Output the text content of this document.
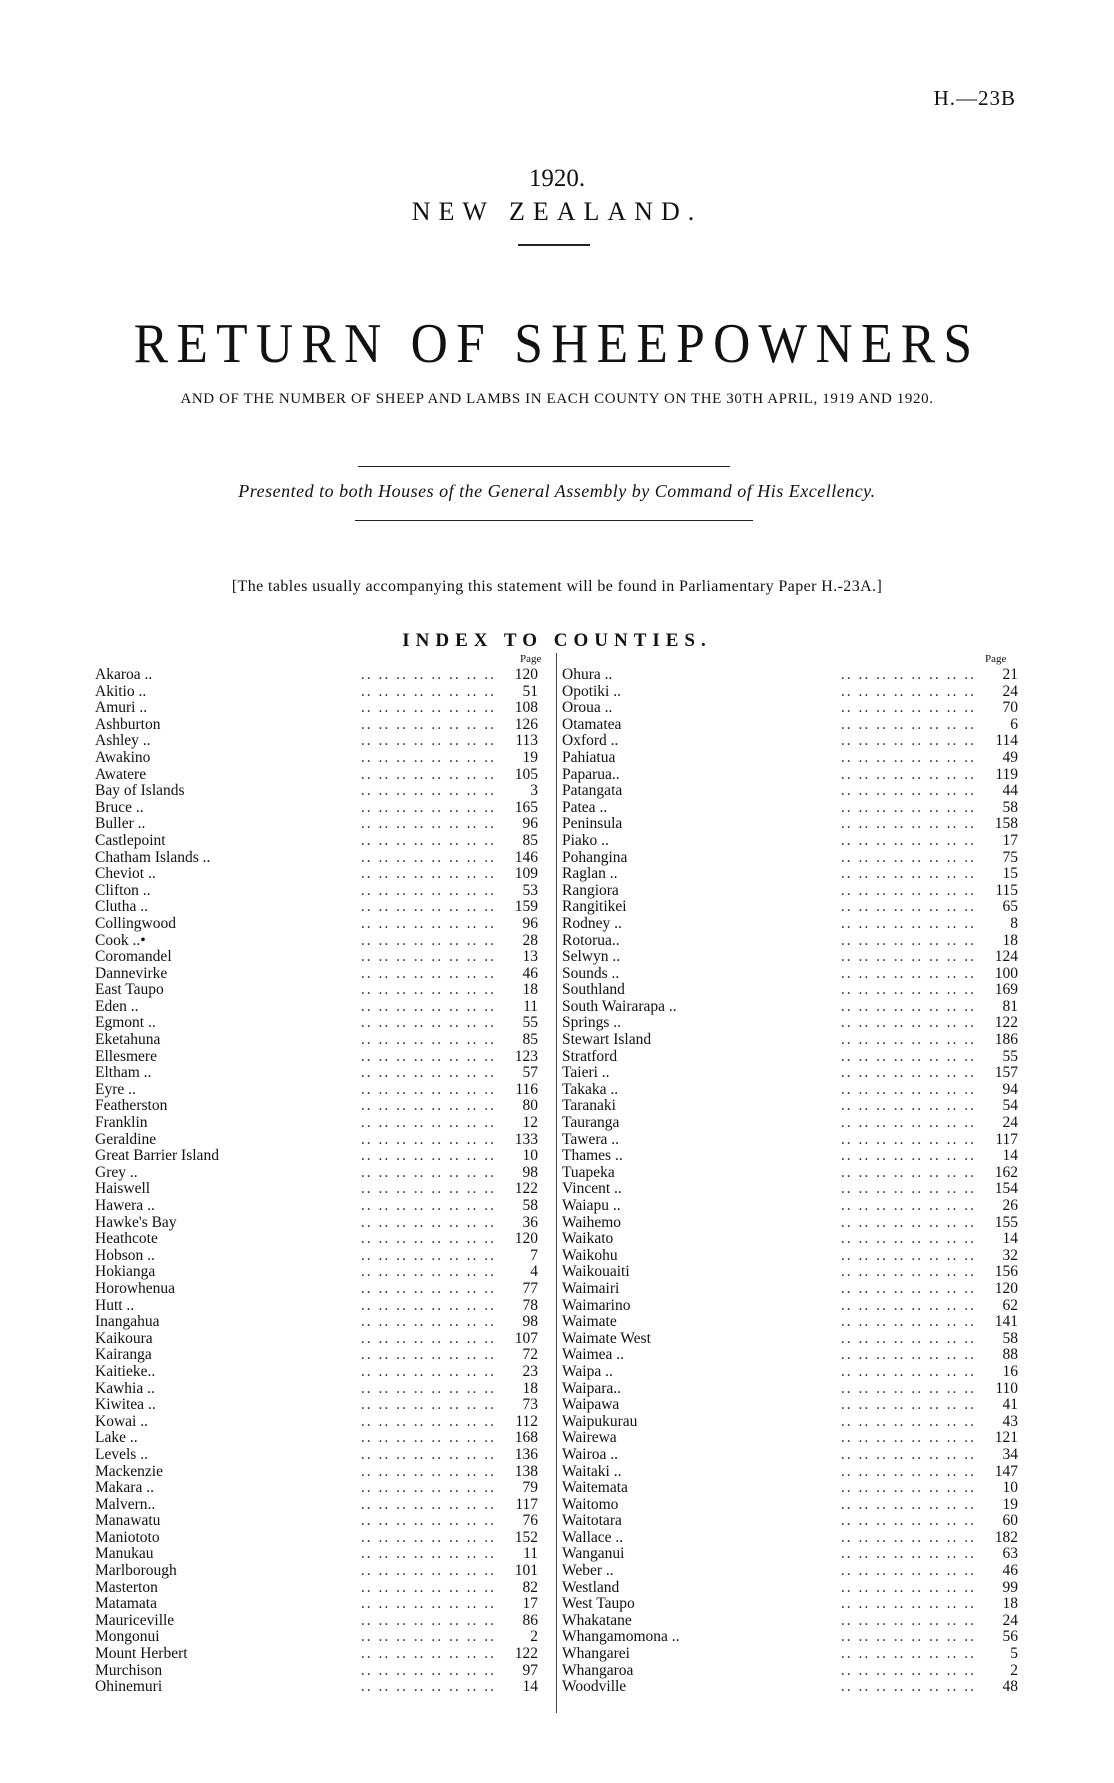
H.—23B
1920.
NEW ZEALAND.
RETURN OF SHEEPOWNERS
AND OF THE NUMBER OF SHEEP AND LAMBS IN EACH COUNTY ON THE 30TH APRIL, 1919 AND 1920.
Presented to both Houses of the General Assembly by Command of His Excellency.
[The tables usually accompanying this statement will be found in Parliamentary Paper H.-23A.]
INDEX TO COUNTIES.
Page	Page
.. .. .. .. .. .. .. ..
Akaroa ..	120
.. .. .. .. .. .. .. ..
Akitio ..	51
.. .. .. .. .. .. .. ..
Amuri ..	108
.. .. .. .. .. .. .. ..
Ashburton	126
.. .. .. .. .. .. .. ..
Ashley ..	113
.. .. .. .. .. .. .. ..
Awakino	19
.. .. .. .. .. .. .. ..
Awatere	105
.. .. .. .. .. .. .. ..
Bay of Islands	3
.. .. .. .. .. .. .. ..
Bruce ..	165
.. .. .. .. .. .. .. ..
Buller ..	96
.. .. .. .. .. .. .. ..
Castlepoint	85
.. .. .. .. .. .. .. ..
Chatham Islands ..	146
.. .. .. .. .. .. .. ..
Cheviot ..	109
.. .. .. .. .. .. .. ..
Clifton ..	53
.. .. .. .. .. .. .. ..
Clutha ..	159
.. .. .. .. .. .. .. ..
Collingwood	96
.. .. .. .. .. .. .. ..
Cook ..•	28
.. .. .. .. .. .. .. ..
Coromandel	13
.. .. .. .. .. .. .. ..
Dannevirke	46
.. .. .. .. .. .. .. ..
East Taupo	18
.. .. .. .. .. .. .. ..
Eden ..	11
.. .. .. .. .. .. .. ..
Egmont ..	55
.. .. .. .. .. .. .. ..
Eketahuna	85
.. .. .. .. .. .. .. ..
Ellesmere	123
.. .. .. .. .. .. .. ..
Eltham ..	57
.. .. .. .. .. .. .. ..
Eyre ..	116
.. .. .. .. .. .. .. ..
Featherston	80
.. .. .. .. .. .. .. ..
Franklin	12
.. .. .. .. .. .. .. ..
Geraldine	133
.. .. .. .. .. .. .. ..
Great Barrier Island	10
.. .. .. .. .. .. .. ..
Grey ..	98
.. .. .. .. .. .. .. ..
Haiswell	122
.. .. .. .. .. .. .. ..
Hawera ..	58
.. .. .. .. .. .. .. ..
Hawke's Bay	36
.. .. .. .. .. .. .. ..
Heathcote	120
.. .. .. .. .. .. .. ..
Hobson ..	7
.. .. .. .. .. .. .. ..
Hokianga	4
.. .. .. .. .. .. .. ..
Horowhenua	77
.. .. .. .. .. .. .. ..
Hutt ..	78
.. .. .. .. .. .. .. ..
Inangahua	98
.. .. .. .. .. .. .. ..
Kaikoura	107
.. .. .. .. .. .. .. ..
Kairanga	72
.. .. .. .. .. .. .. ..
Kaitieke..	23
.. .. .. .. .. .. .. ..
Kawhia ..	18
.. .. .. .. .. .. .. ..
Kiwitea ..	73
.. .. .. .. .. .. .. ..
Kowai ..	112
.. .. .. .. .. .. .. ..
Lake ..	168
.. .. .. .. .. .. .. ..
Levels ..	136
.. .. .. .. .. .. .. ..
Mackenzie	138
.. .. .. .. .. .. .. ..
Makara ..	79
.. .. .. .. .. .. .. ..
Malvern..	117
.. .. .. .. .. .. .. ..
Manawatu	76
.. .. .. .. .. .. .. ..
Maniototo	152
.. .. .. .. .. .. .. ..
Manukau	11
.. .. .. .. .. .. .. ..
Marlborough	101
.. .. .. .. .. .. .. ..
Masterton	82
.. .. .. .. .. .. .. ..
Matamata	17
.. .. .. .. .. .. .. ..
Mauriceville	86
.. .. .. .. .. .. .. ..
Mongonui	2
.. .. .. .. .. .. .. ..
Mount Herbert	122
.. .. .. .. .. .. .. ..
Murchison	97
.. .. .. .. .. .. .. ..
Ohinemuri	14
.. .. .. .. .. .. .. ..
Ohura ..	21
.. .. .. .. .. .. .. ..
Opotiki ..	24
.. .. .. .. .. .. .. ..
Oroua ..	70
.. .. .. .. .. .. .. ..
Otamatea	6
.. .. .. .. .. .. .. ..
Oxford ..	114
.. .. .. .. .. .. .. ..
Pahiatua	49
.. .. .. .. .. .. .. ..
Paparua..	119
.. .. .. .. .. .. .. ..
Patangata	44
.. .. .. .. .. .. .. ..
Patea ..	58
.. .. .. .. .. .. .. ..
Peninsula	158
.. .. .. .. .. .. .. ..
Piako ..	17
.. .. .. .. .. .. .. ..
Pohangina	75
.. .. .. .. .. .. .. ..
Raglan ..	15
.. .. .. .. .. .. .. ..
Rangiora	115
.. .. .. .. .. .. .. ..
Rangitikei	65
.. .. .. .. .. .. .. ..
Rodney ..	8
.. .. .. .. .. .. .. ..
Rotorua..	18
.. .. .. .. .. .. .. ..
Selwyn ..	124
.. .. .. .. .. .. .. ..
Sounds ..	100
.. .. .. .. .. .. .. ..
Southland	169
.. .. .. .. .. .. .. ..
South Wairarapa ..	81
.. .. .. .. .. .. .. ..
Springs ..	122
.. .. .. .. .. .. .. ..
Stewart Island	186
.. .. .. .. .. .. .. ..
Stratford	55
.. .. .. .. .. .. .. ..
Taieri ..	157
.. .. .. .. .. .. .. ..
Takaka ..	94
.. .. .. .. .. .. .. ..
Taranaki	54
.. .. .. .. .. .. .. ..
Tauranga	24
.. .. .. .. .. .. .. ..
Tawera ..	117
.. .. .. .. .. .. .. ..
Thames ..	14
.. .. .. .. .. .. .. ..
Tuapeka	162
.. .. .. .. .. .. .. ..
Vincent ..	154
.. .. .. .. .. .. .. ..
Waiapu ..	26
.. .. .. .. .. .. .. ..
Waihemo	155
.. .. .. .. .. .. .. ..
Waikato	14
.. .. .. .. .. .. .. ..
Waikohu	32
.. .. .. .. .. .. .. ..
Waikouaiti	156
.. .. .. .. .. .. .. ..
Waimairi	120
.. .. .. .. .. .. .. ..
Waimarino	62
.. .. .. .. .. .. .. ..
Waimate	141
.. .. .. .. .. .. .. ..
Waimate West	58
.. .. .. .. .. .. .. ..
Waimea ..	88
.. .. .. .. .. .. .. ..
Waipa ..	16
.. .. .. .. .. .. .. ..
Waipara..	110
.. .. .. .. .. .. .. ..
Waipawa	41
.. .. .. .. .. .. .. ..
Waipukurau	43
.. .. .. .. .. .. .. ..
Wairewa	121
.. .. .. .. .. .. .. ..
Wairoa ..	34
.. .. .. .. .. .. .. ..
Waitaki ..	147
.. .. .. .. .. .. .. ..
Waitemata	10
.. .. .. .. .. .. .. ..
Waitomo	19
.. .. .. .. .. .. .. ..
Waitotara	60
.. .. .. .. .. .. .. ..
Wallace ..	182
.. .. .. .. .. .. .. ..
Wanganui	63
.. .. .. .. .. .. .. ..
Weber ..	46
.. .. .. .. .. .. .. ..
Westland	99
.. .. .. .. .. .. .. ..
West Taupo	18
.. .. .. .. .. .. .. ..
Whakatane	24
.. .. .. .. .. .. .. ..
Whangamomona ..	56
.. .. .. .. .. .. .. ..
Whangarei	5
.. .. .. .. .. .. .. ..
Whangaroa	2
.. .. .. .. .. .. .. ..
Woodville	48
